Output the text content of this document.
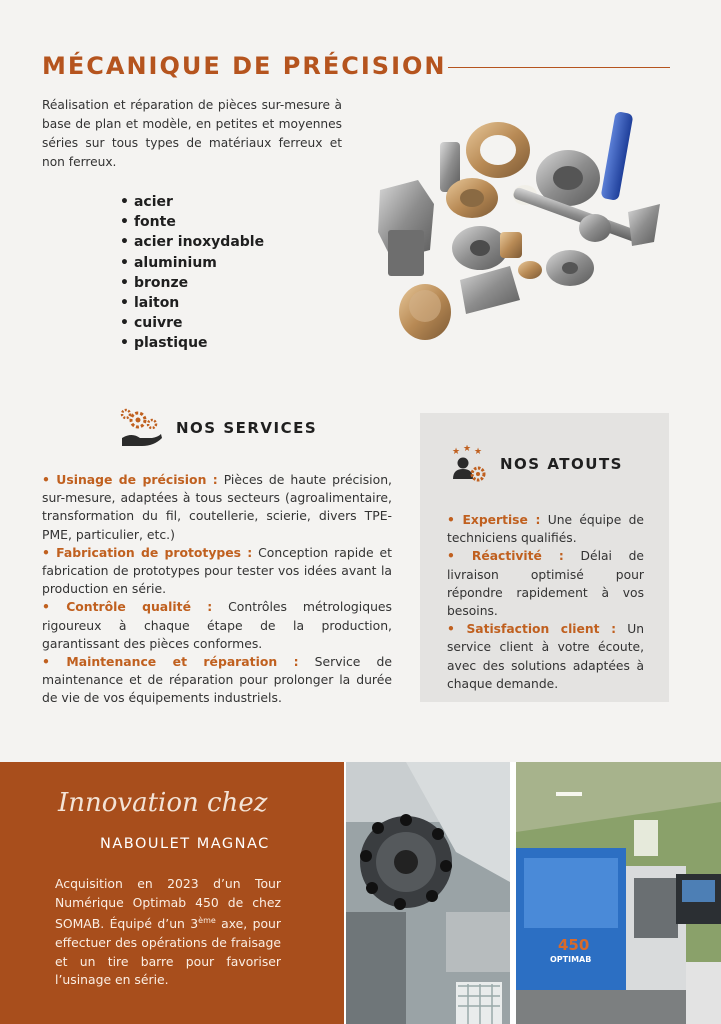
MÉCANIQUE DE PRÉCISION

Réalisation et réparation de pièces sur-mesure à base de plan et modèle, en petites et moyennes séries sur tous types de matériaux ferreux et non ferreux.

• acier
• fonte
• acier inoxydable
• aluminium
• bronze
• laiton
• cuivre
• plastique
NOS SERVICES

• Usinage de précision : Pièces de haute précision, sur-mesure, adaptées à tous secteurs (agroalimentaire, transformation du fil, coutellerie, scierie, divers TPE-PME, particulier, etc.)

• Fabrication de prototypes : Conception rapide et fabrication de prototypes pour tester vos idées avant la production en série.

• Contrôle qualité : Contrôles métrologiques rigoureux à chaque étape de la production, garantissant des pièces conformes.

• Maintenance et réparation : Service de maintenance et de réparation pour prolonger la durée de vie de vos équipements industriels.

★ ★ ★
NOS ATOUTS

• Expertise : Une équipe de techniciens qualifiés.

• Réactivité : Délai de livraison optimisé pour répondre rapidement à vos besoins.

• Satisfaction client : Un service client à votre écoute, avec des solutions adaptées à chaque demande.

Innovation chez
NABOULET MAGNAC

Acquisition en 2023 d’un Tour Numérique Optimab 450 de chez SOMAB. Équipé d’un 3ème axe, pour effectuer des opérations de fraisage et un tire barre pour favoriser l’usinage en série.

450
OPTIMAB
